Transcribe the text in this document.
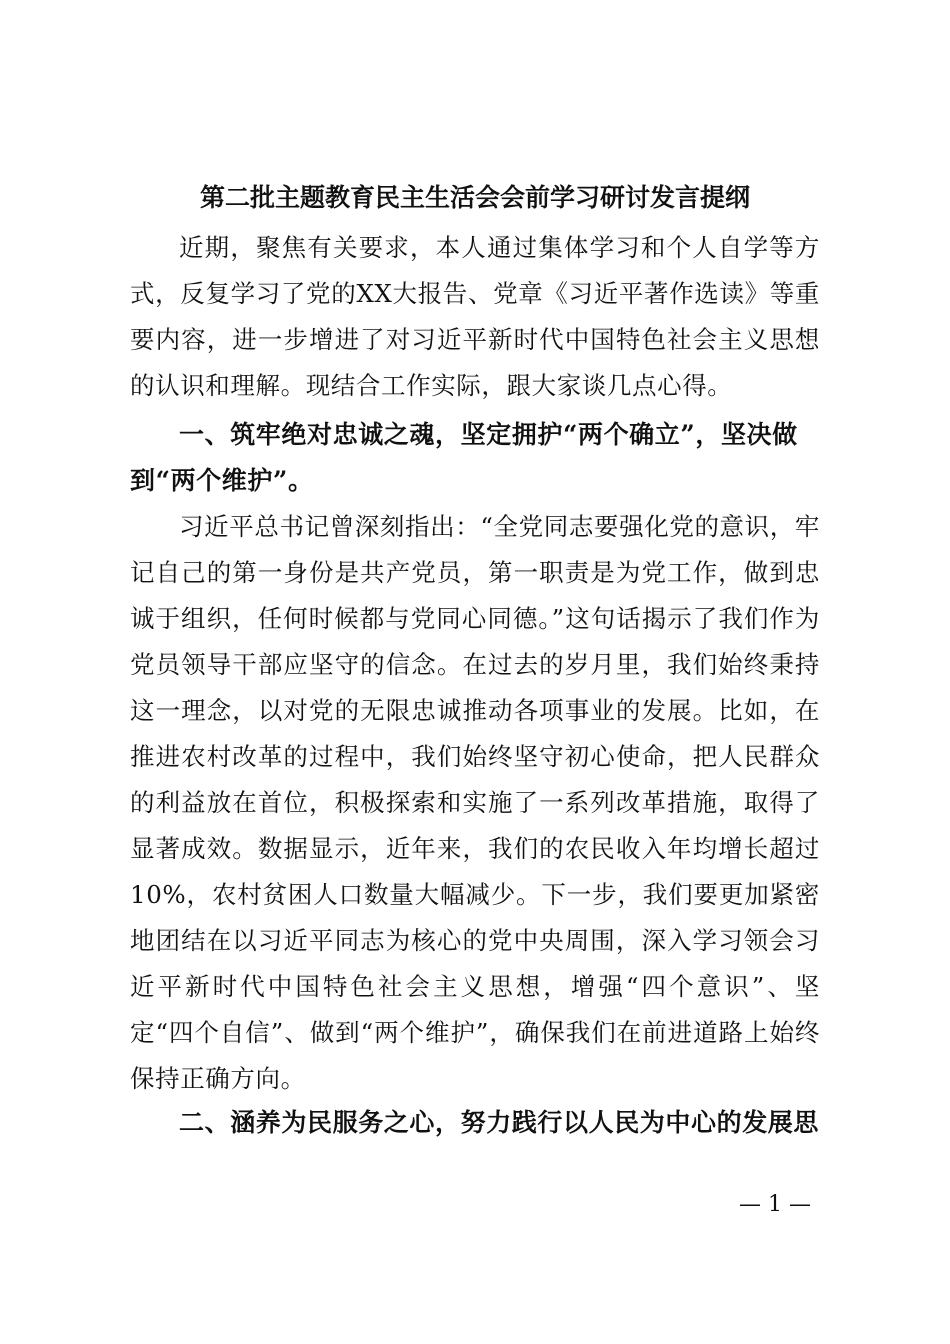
第二批主题教育民主生活会会前学习研讨发言提纲

近期，聚焦有关要求，本人通过集体学习和个人自学等方式，反复学习了党的XX大报告、党章《习近平著作选读》等重要内容，进一步增进了对习近平新时代中国特色社会主义思想的认识和理解。现结合工作实际，跟大家谈几点心得。

一、筑牢绝对忠诚之魂，坚定拥护“两个确立”，坚决做到“两个维护”。

习近平总书记曾深刻指出：“全党同志要强化党的意识，牢记自己的第一身份是共产党员，第一职责是为党工作，做到忠诚于组织，任何时候都与党同心同德。”这句话揭示了我们作为党员领导干部应坚守的信念。在过去的岁月里，我们始终秉持这一理念，以对党的无限忠诚推动各项事业的发展。比如，在推进农村改革的过程中，我们始终坚守初心使命，把人民群众的利益放在首位，积极探索和实施了一系列改革措施，取得了显著成效。数据显示，近年来，我们的农民收入年均增长超过10%，农村贫困人口数量大幅减少。下一步，我们要更加紧密地团结在以习近平同志为核心的党中央周围，深入学习领会习近平新时代中国特色社会主义思想，增强“四个意识”、坚定“四个自信”、做到“两个维护”，确保我们在前进道路上始终保持正确方向。

二、涵养为民服务之心，努力践行以人民为中心的发展思

— 1 —
